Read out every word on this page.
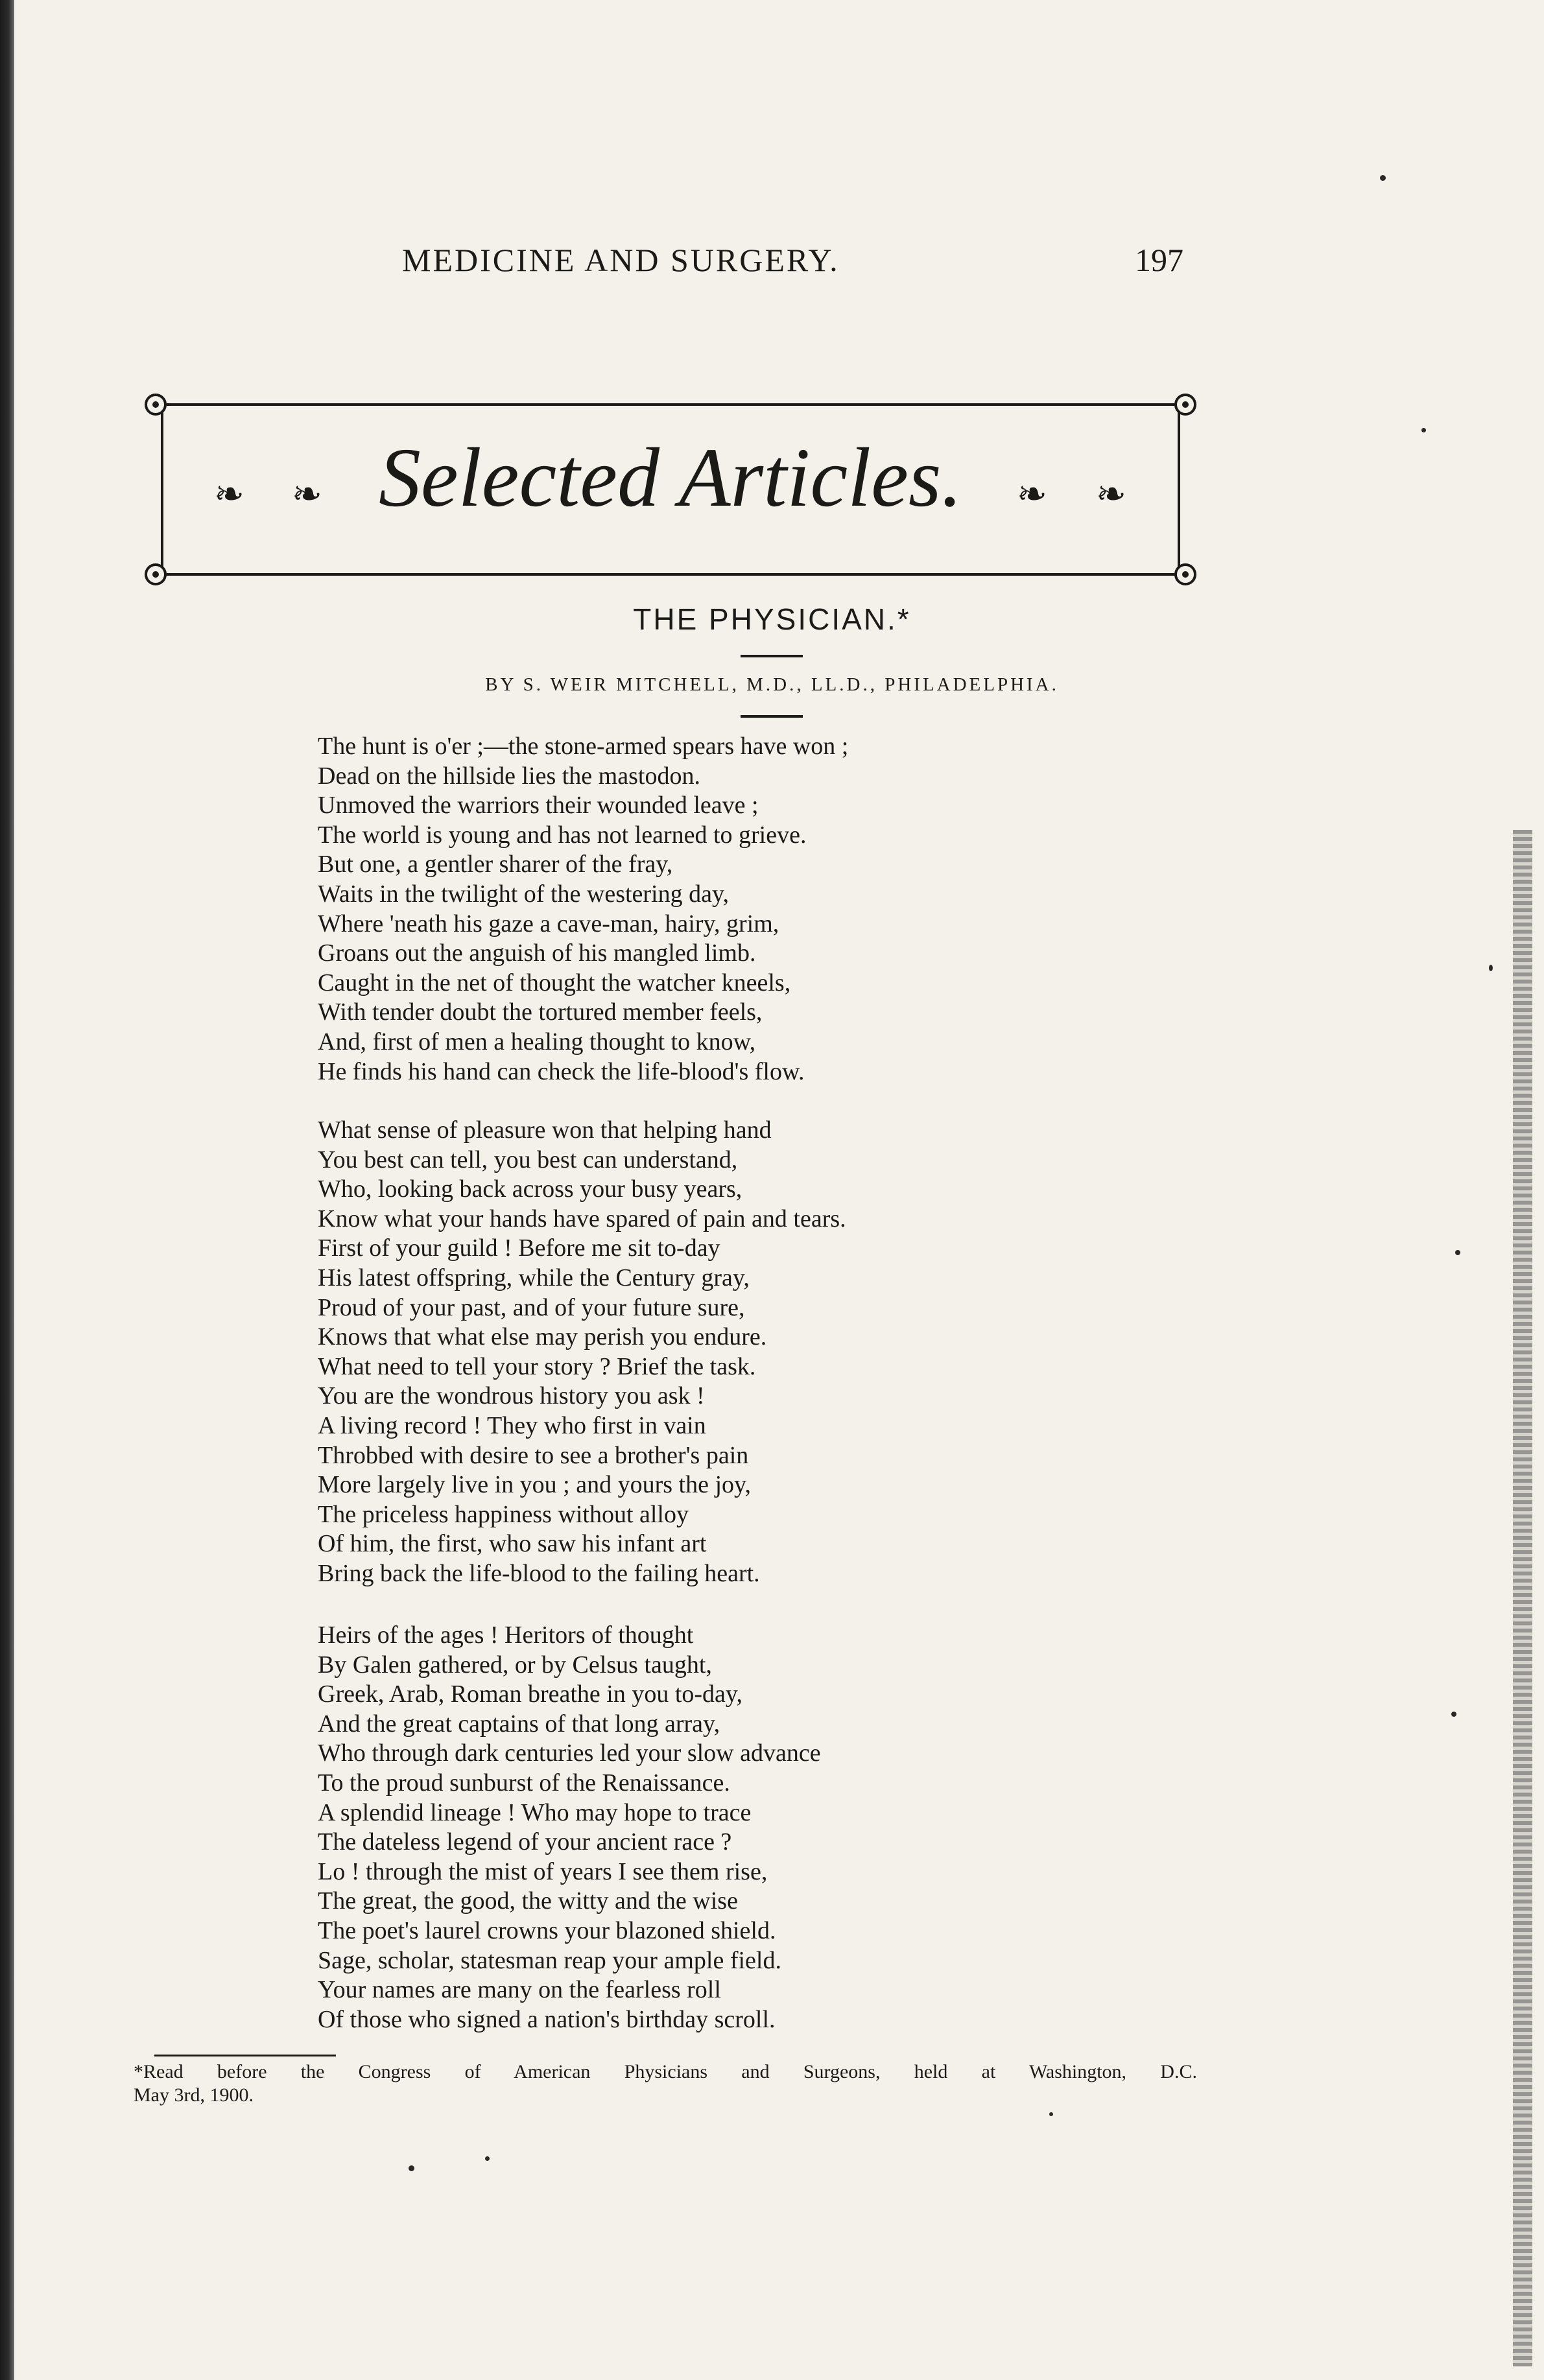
MEDICINE AND SURGERY.	197
❧ ❧ Selected Articles.	❧ ❧
THE PHYSICIAN.*
BY S. WEIR MITCHELL, M.D., LL.D., PHILADELPHIA.
The hunt is o'er ;—the stone-armed spears have won ;
Dead on the hillside lies the mastodon.
Unmoved the warriors their wounded leave ;
The world is young and has not learned to grieve.
But one, a gentler sharer of the fray,
Waits in the twilight of the westering day,
Where 'neath his gaze a cave-man, hairy, grim,
Groans out the anguish of his mangled limb.
Caught in the net of thought the watcher kneels,
With tender doubt the tortured member feels,
And, first of men a healing thought to know,
He finds his hand can check the life-blood's flow.
What sense of pleasure won that helping hand
You best can tell, you best can understand,
Who, looking back across your busy years,
Know what your hands have spared of pain and tears.
First of your guild ! Before me sit to-day
His latest offspring, while the Century gray,
Proud of your past, and of your future sure,
Knows that what else may perish you endure.
What need to tell your story ? Brief the task.
You are the wondrous history you ask !
A living record ! They who first in vain
Throbbed with desire to see a brother's pain
More largely live in you ; and yours the joy,
The priceless happiness without alloy
Of him, the first, who saw his infant art
Bring back the life-blood to the failing heart.
Heirs of the ages ! Heritors of thought
By Galen gathered, or by Celsus taught,
Greek, Arab, Roman breathe in you to-day,
And the great captains of that long array,
Who through dark centuries led your slow advance
To the proud sunburst of the Renaissance.
A splendid lineage ! Who may hope to trace
The dateless legend of your ancient race ?
Lo ! through the mist of years I see them rise,
The great, the good, the witty and the wise
The poet's laurel crowns your blazoned shield.
Sage, scholar, statesman reap your ample field.
Your names are many on the fearless roll
Of those who signed a nation's birthday scroll.
*Read before the Congress of American Physicians and Surgeons, held at Washington, D.C.
May 3rd, 1900.
